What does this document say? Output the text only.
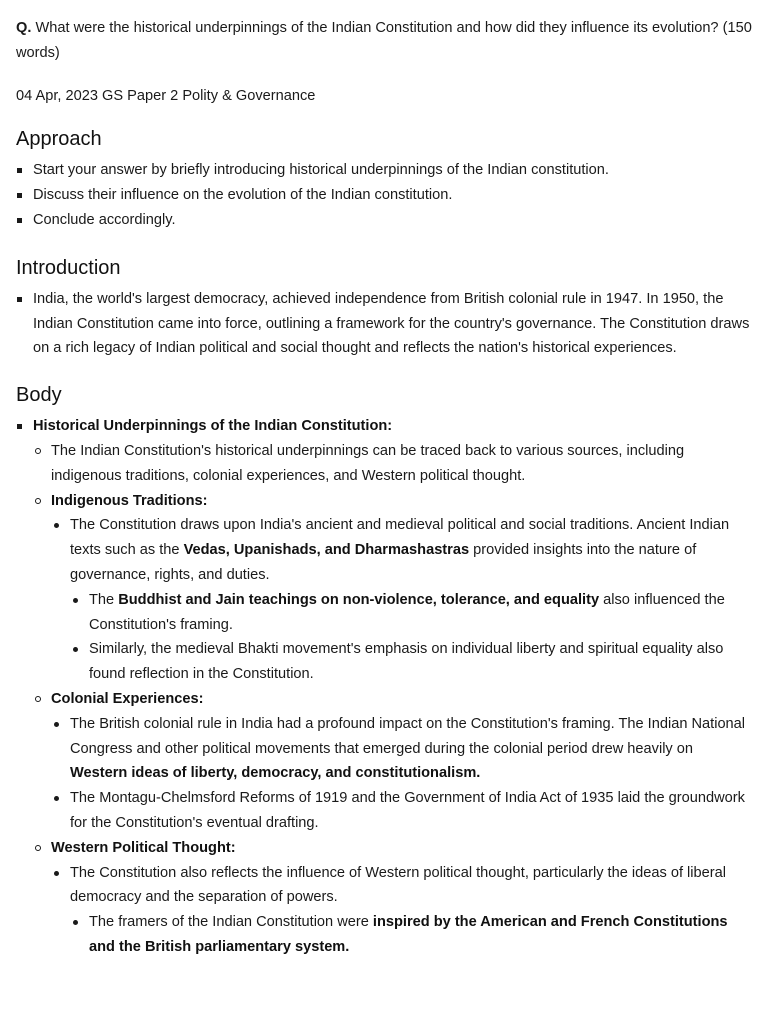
Q. What were the historical underpinnings of the Indian Constitution and how did they influence its evolution? (150 words)

04 Apr, 2023 GS Paper 2 Polity & Governance

Approach
Start your answer by briefly introducing historical underpinnings of the Indian constitution.
Discuss their influence on the evolution of the Indian constitution.
Conclude accordingly.
Introduction
India, the world's largest democracy, achieved independence from British colonial rule in 1947. In 1950, the Indian Constitution came into force, outlining a framework for the country's governance. The Constitution draws on a rich legacy of Indian political and social thought and reflects the nation's historical experiences.
Body
Historical Underpinnings of the Indian Constitution:
The Indian Constitution's historical underpinnings can be traced back to various sources, including indigenous traditions, colonial experiences, and Western political thought.
Indigenous Traditions:
The Constitution draws upon India's ancient and medieval political and social traditions. Ancient Indian texts such as the Vedas, Upanishads, and Dharmashastras provided insights into the nature of governance, rights, and duties.
The Buddhist and Jain teachings on non-violence, tolerance, and equality also influenced the Constitution's framing.
Similarly, the medieval Bhakti movement's emphasis on individual liberty and spiritual equality also found reflection in the Constitution.
Colonial Experiences:
The British colonial rule in India had a profound impact on the Constitution's framing. The Indian National Congress and other political movements that emerged during the colonial period drew heavily on Western ideas of liberty, democracy, and constitutionalism.
The Montagu-Chelmsford Reforms of 1919 and the Government of India Act of 1935 laid the groundwork for the Constitution's eventual drafting.
Western Political Thought:
The Constitution also reflects the influence of Western political thought, particularly the ideas of liberal democracy and the separation of powers.
The framers of the Indian Constitution were inspired by the American and French Constitutions and the British parliamentary system.
